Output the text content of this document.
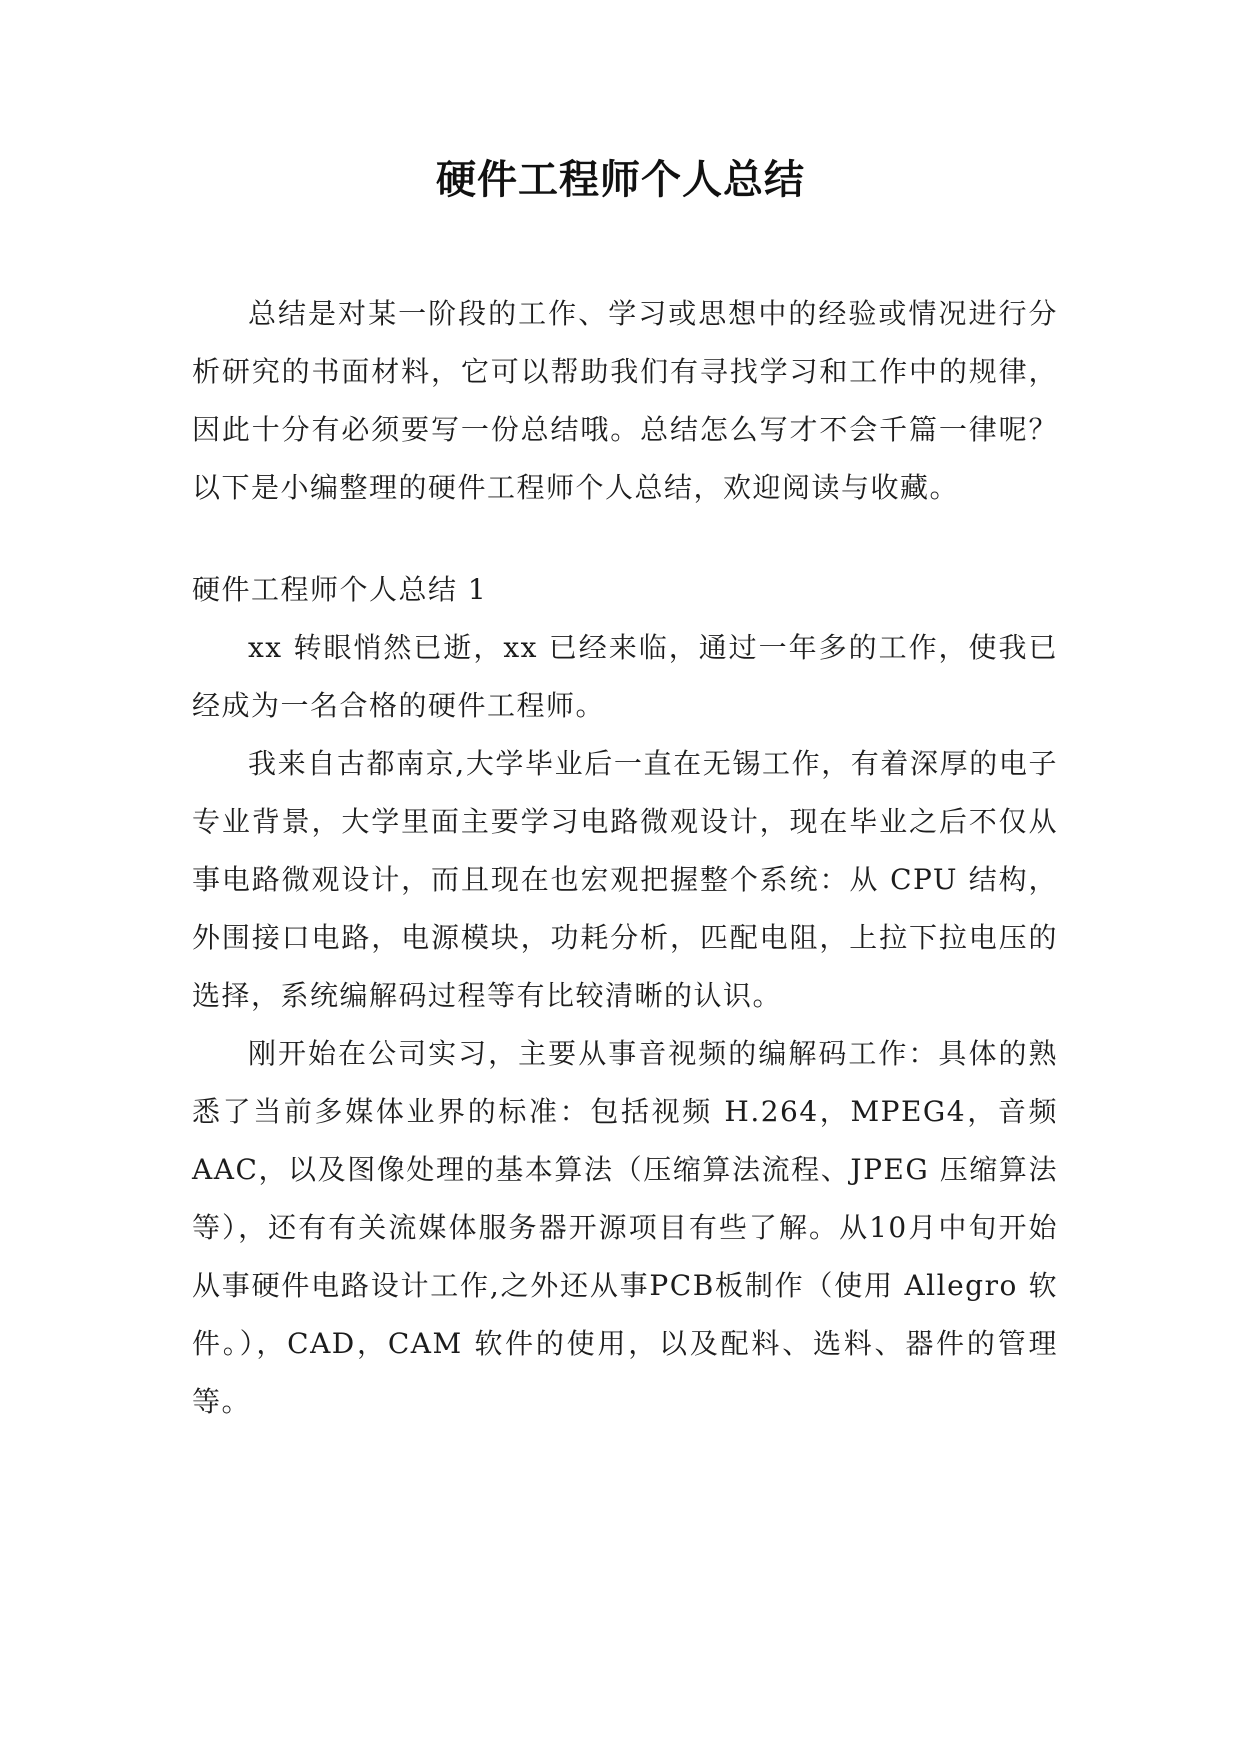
硬件工程师个人总结

总结是对某一阶段的工作、学习或思想中的经验或情况进行分析研究的书面材料，它可以帮助我们有寻找学习和工作中的规律，因此十分有必须要写一份总结哦。总结怎么写才不会千篇一律呢？以下是小编整理的硬件工程师个人总结，欢迎阅读与收藏。

硬件工程师个人总结 1

xx 转眼悄然已逝，xx 已经来临，通过一年多的工作，使我已经成为一名合格的硬件工程师。

我来自古都南京,大学毕业后一直在无锡工作，有着深厚的电子专业背景，大学里面主要学习电路微观设计，现在毕业之后不仅从事电路微观设计，而且现在也宏观把握整个系统：从 CPU 结构，外围接口电路，电源模块，功耗分析，匹配电阻，上拉下拉电压的选择，系统编解码过程等有比较清晰的认识。

刚开始在公司实习，主要从事音视频的编解码工作：具体的熟悉了当前多媒体业界的标准：包括视频 H.264，MPEG4，音频 AAC，以及图像处理的基本算法（压缩算法流程、JPEG 压缩算法等），还有有关流媒体服务器开源项目有些了解。从10月中旬开始从事硬件电路设计工作,之外还从事PCB板制作（使用 Allegro 软件。），CAD，CAM 软件的使用，以及配料、选料、器件的管理等。
